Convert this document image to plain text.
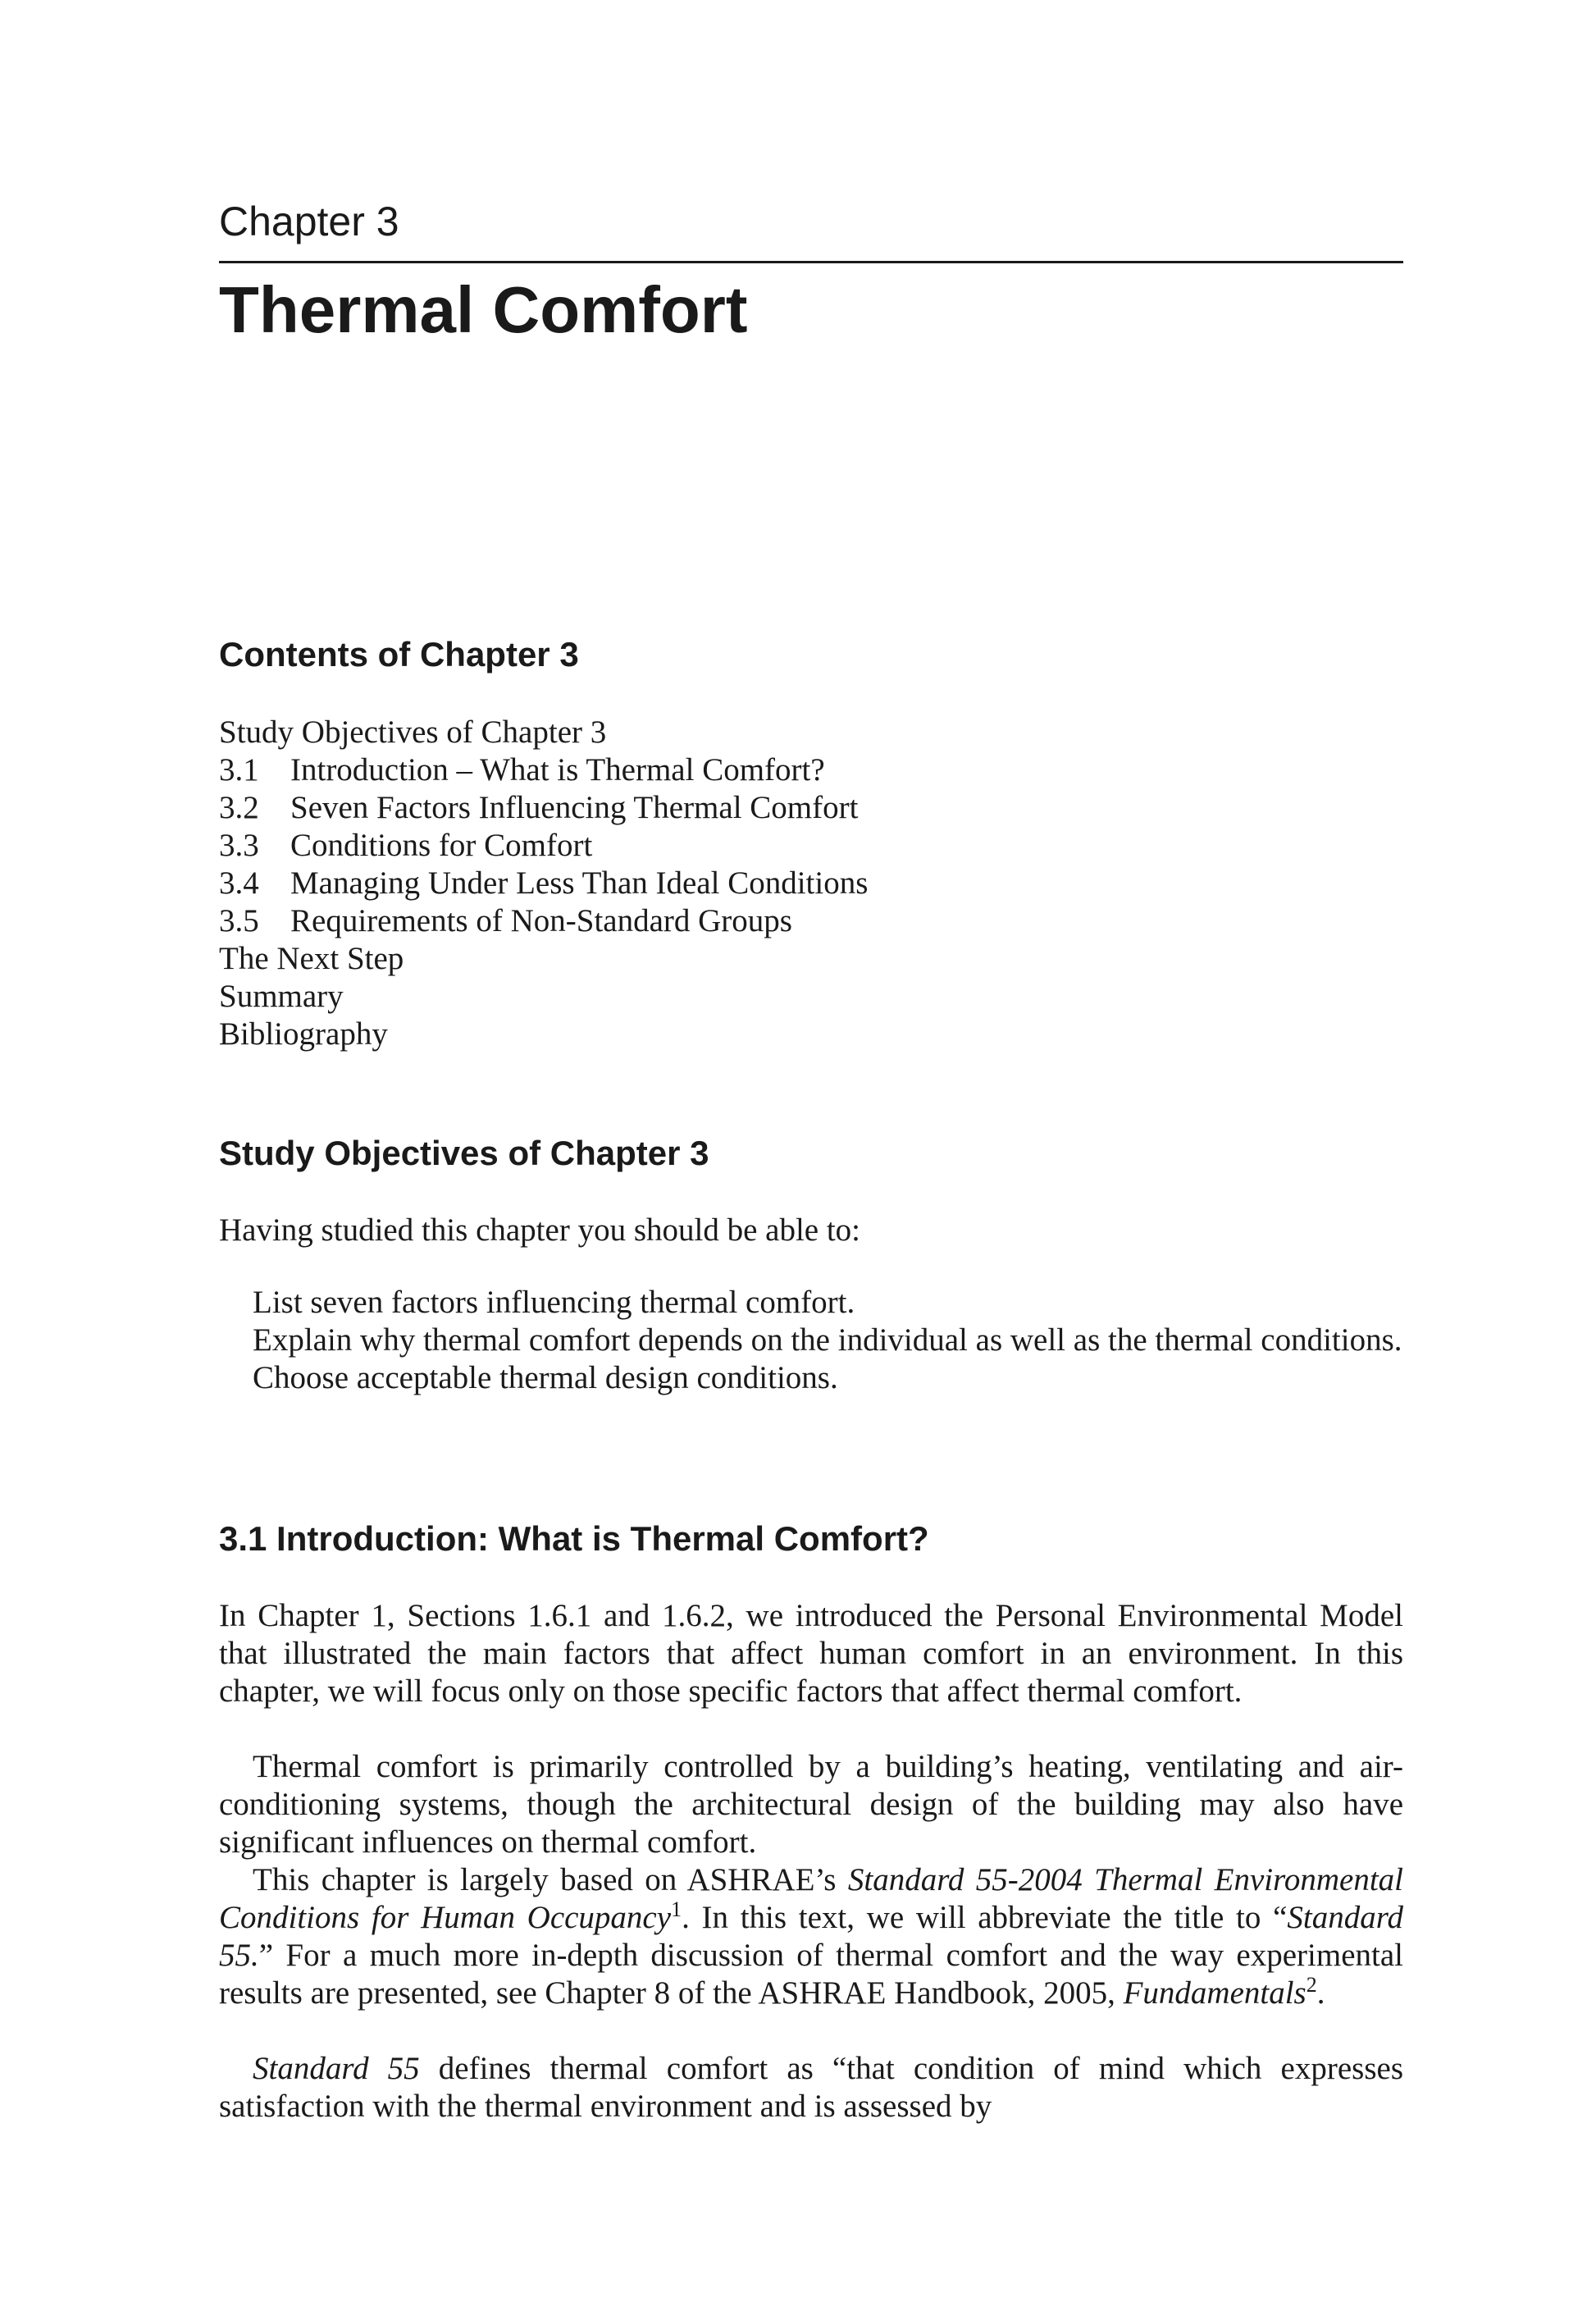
Chapter 3
Thermal Comfort
Contents of Chapter 3
Study Objectives of Chapter 3
3.1 Introduction – What is Thermal Comfort?
3.2 Seven Factors Influencing Thermal Comfort
3.3 Conditions for Comfort
3.4 Managing Under Less Than Ideal Conditions
3.5 Requirements of Non-Standard Groups
The Next Step
Summary
Bibliography
Study Objectives of Chapter 3

Having studied this chapter you should be able to:

List seven factors influencing thermal comfort.
Explain why thermal comfort depends on the individual as well as the thermal conditions.
Choose acceptable thermal design conditions.
3.1 Introduction: What is Thermal Comfort?

In Chapter 1, Sections 1.6.1 and 1.6.2, we introduced the Personal Environmental Model that illustrated the main factors that affect human comfort in an environment. In this chapter, we will focus only on those specific factors that affect thermal comfort.

Thermal comfort is primarily controlled by a building’s heating, ventilating and air-conditioning systems, though the architectural design of the building may also have significant influences on thermal comfort.

This chapter is largely based on ASHRAE’s Standard 55-2004 Thermal Environmental Conditions for Human Occupancy$^1$. In this text, we will abbreviate the title to “Standard 55.” For a much more in-depth discussion of thermal comfort and the way experimental results are presented, see Chapter 8 of the ASHRAE Handbook, 2005, Fundamentals$^2$.

Standard 55 defines thermal comfort as “that condition of mind which expresses satisfaction with the thermal environment and is assessed by
